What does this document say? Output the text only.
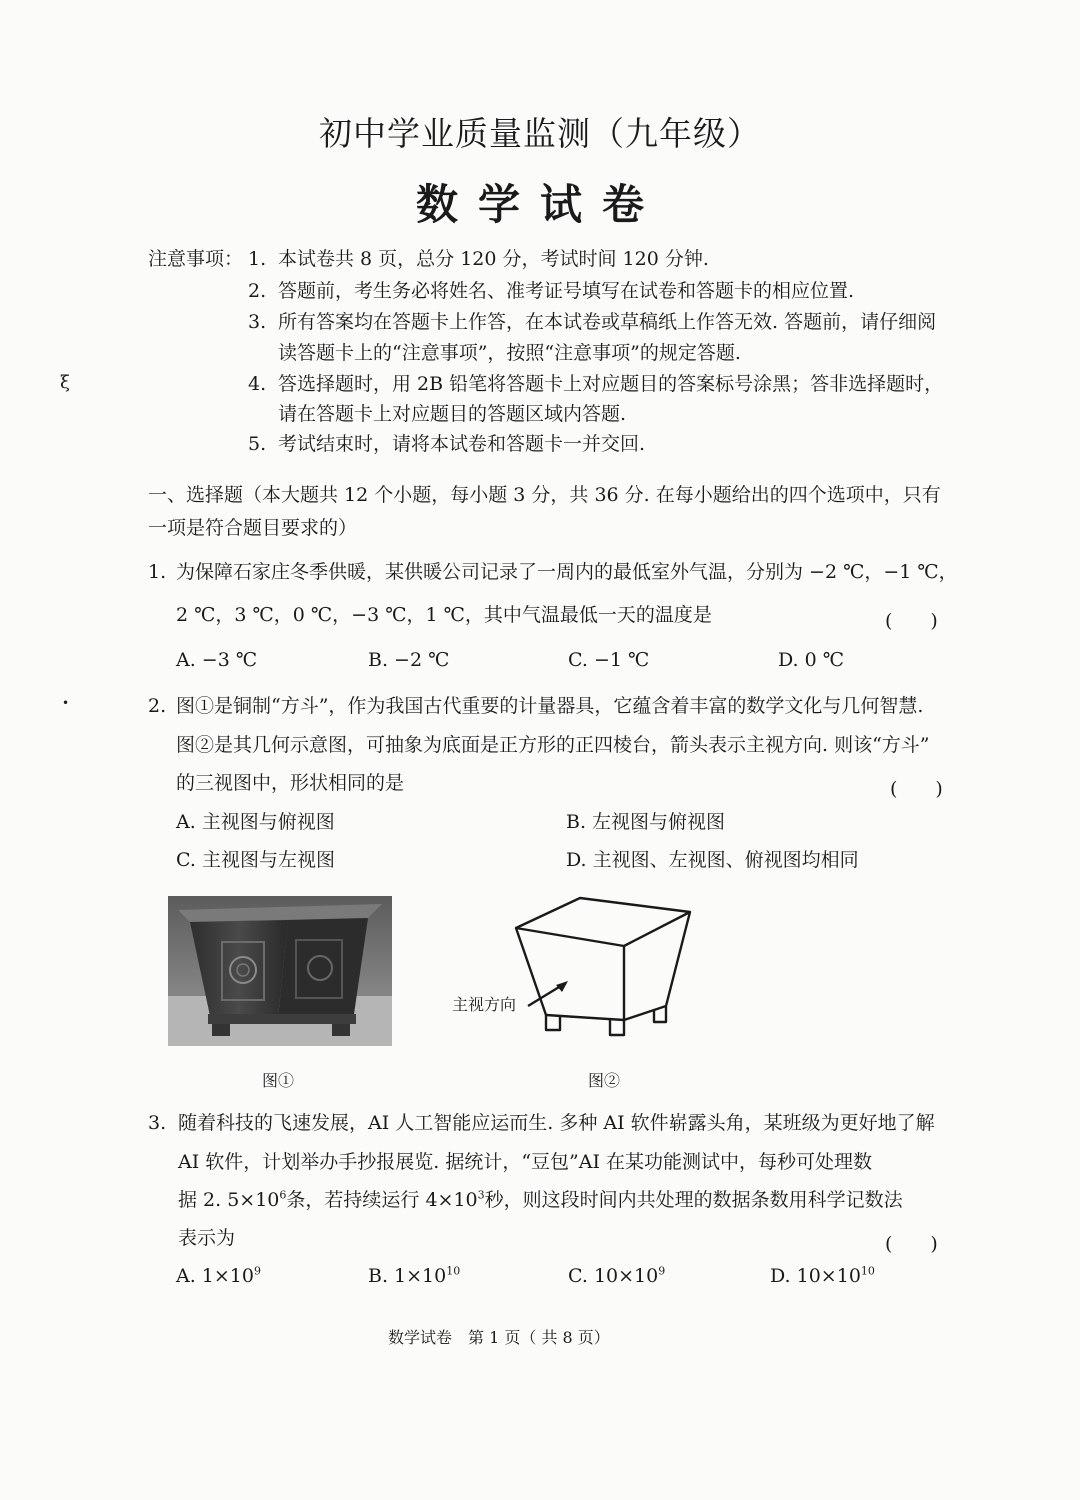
初中学业质量监测（九年级）
数学试卷
注意事项： 1. 本试卷共 8 页，总分 120 分，考试时间 120 分钟.
2. 答题前，考生务必将姓名、准考证号填写在试卷和答题卡的相应位置.
3. 所有答案均在答题卡上作答，在本试卷或草稿纸上作答无效. 答题前，请仔细阅
读答题卡上的“注意事项”，按照“注意事项”的规定答题.
4. 答选择题时，用 2B 铅笔将答题卡上对应题目的答案标号涂黑；答非选择题时，
请在答题卡上对应题目的答题区域内答题.
5. 考试结束时，请将本试卷和答题卡一并交回.
ξ
•
一、选择题（本大题共 12 个小题，每小题 3 分，共 36 分. 在每小题给出的四个选项中，只有
一项是符合题目要求的）
1. 为保障石家庄冬季供暖，某供暖公司记录了一周内的最低室外气温，分别为 −2 ℃，−1 ℃，
2 ℃，3 ℃，0 ℃，−3 ℃，1 ℃，其中气温最低一天的温度是	(　　)
A. −3 ℃	B. −2 ℃	C. −1 ℃	D. 0 ℃
2. 图①是铜制“方斗”，作为我国古代重要的计量器具，它蕴含着丰富的数学文化与几何智慧.
图②是其几何示意图，可抽象为底面是正方形的正四棱台，箭头表示主视方向. 则该“方斗”
的三视图中，形状相同的是	(　　)
A. 主视图与俯视图	B. 左视图与俯视图
C. 主视图与左视图	D. 主视图、左视图、俯视图均相同
图①
主视方向
图②
3. 随着科技的飞速发展，AI 人工智能应运而生. 多种 AI 软件崭露头角，某班级为更好地了解
AI 软件，计划举办手抄报展览. 据统计，“豆包”AI 在某功能测试中，每秒可处理数
据 2. $5\times 10^6$条，若持续运行 $4\times 10^3$秒，则这段时间内共处理的数据条数用科学记数法
表示为	(　　)
A. $1\times 10^9$	B. $1\times 10^{10}$	C. $10\times 10^9$	D. $10\times 10^{10}$
数学试卷　第 1 页（ 共 8 页）
